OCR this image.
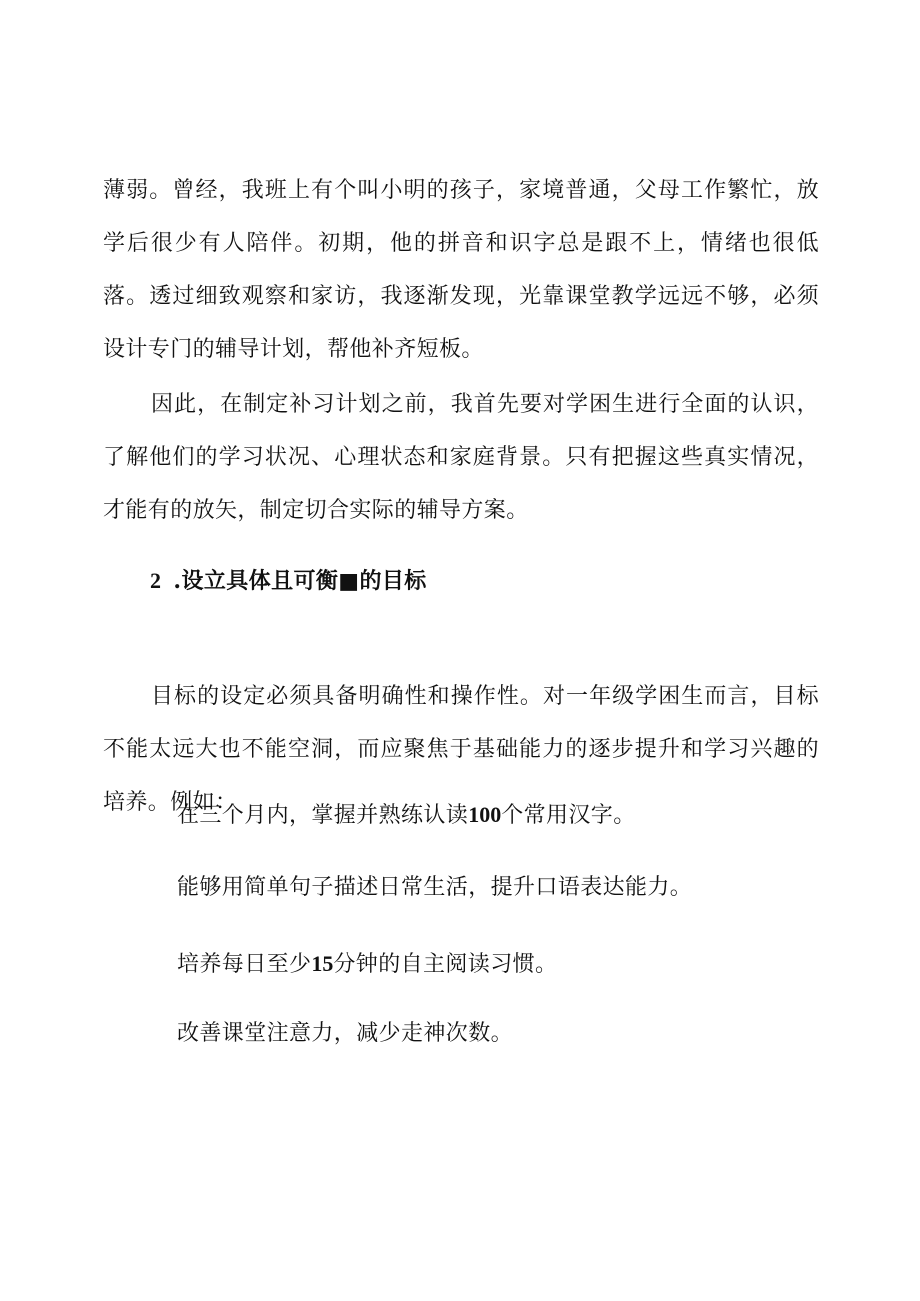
薄弱。曾经，我班上有个叫小明的孩子，家境普通，父母工作繁忙，放学后很少有人陪伴。初期，他的拼音和识字总是跟不上，情绪也很低落。透过细致观察和家访，我逐渐发现，光靠课堂教学远远不够，必须设计专门的辅导计划，帮他补齐短板。

因此，在制定补习计划之前，我首先要对学困生进行全面的认识，了解他们的学习状况、心理状态和家庭背景。只有把握这些真实情况，才能有的放矢，制定切合实际的辅导方案。

2 .设立具体且可衡■的目标

目标的设定必须具备明确性和操作性。对一年级学困生而言，目标不能太远大也不能空洞，而应聚焦于基础能力的逐步提升和学习兴趣的培养。例如：

在三个月内，掌握并熟练认读100个常用汉字。

能够用简单句子描述日常生活，提升口语表达能力。

培养每日至少15分钟的自主阅读习惯。

改善课堂注意力，减少走神次数。
